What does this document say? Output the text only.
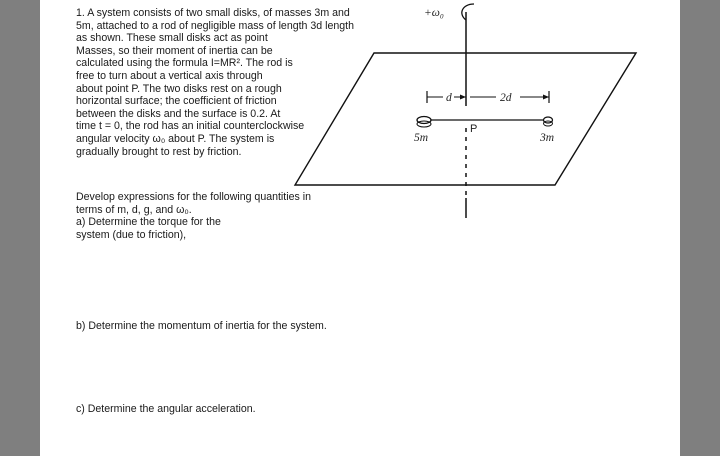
+ω₀
d	2d
5m	3m
P
1. A system consists of two small disks, of masses 3m and
5m, attached to a rod of negligible mass of length 3d length
as shown. These small disks act as point
Masses, so their moment of inertia can be
calculated using the formula I=MR². The rod is
free to turn about a vertical axis through
about point P. The two disks rest on a rough
horizontal surface; the coefficient of friction
between the disks and the surface is 0.2. At
time t = 0, the rod has an initial counterclockwise
angular velocity ω₀ about P. The system is
gradually brought to rest by friction.
Develop expressions for the following quantities in
terms of m, d, g, and ω₀.
a) Determine the torque for the
system (due to friction),
b) Determine the momentum of inertia for the system.
c) Determine the angular acceleration.
